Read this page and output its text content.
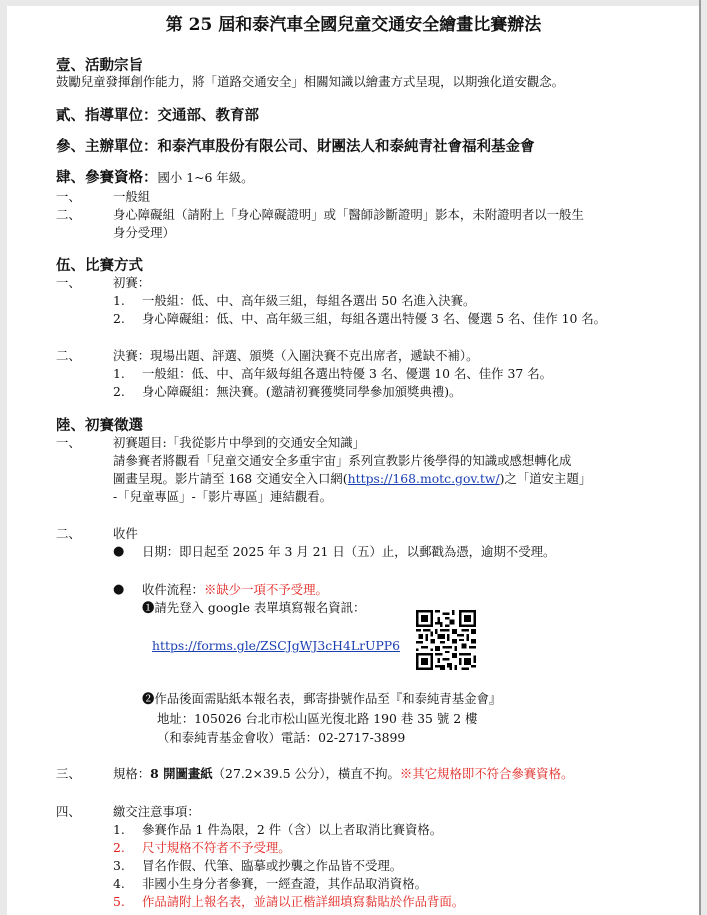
第 25 屆和泰汽車全國兒童交通安全繪畫比賽辦法
壹、活動宗旨
鼓勵兒童發揮創作能力，將「道路交通安全」相關知識以繪畫方式呈現，以期強化道安觀念。
貳、指導單位：交通部、教育部
參、主辦單位：和泰汽車股份有限公司、財團法人和泰純青社會福利基金會
肆、參賽資格：國小 1~6 年級。
一、	一般組
二、	身心障礙組（請附上「身心障礙證明」或「醫師診斷證明」影本，未附證明者以一般生
身分受理）
伍、比賽方式
一、	初賽：
1. 一般組：低、中、高年級三組，每組各選出 50 名進入決賽。
2. 身心障礙組：低、中、高年級三組，每組各選出特優 3 名、優選 5 名、佳作 10 名。
二、	決賽：現場出題、評選、頒獎（入圍決賽不克出席者，遞缺不補）。
1. 一般組：低、中、高年級每組各選出特優 3 名、優選 10 名、佳作 37 名。
2. 身心障礙組：無決賽。(邀請初賽獲獎同學參加頒獎典禮)。
陸、初賽徵選
一、	初賽題目:「我從影片中學到的交通安全知識」
請參賽者將觀看「兒童交通安全多重宇宙」系列宣教影片後學得的知識或感想轉化成
圖畫呈現。影片請至 168 交通安全入口網(https://168.motc.gov.tw/)之「道安主題」
-「兒童專區」-「影片專區」連結觀看。
二、	收件
● 日期：即日起至 2025 年 3 月 21 日（五）止，以郵戳為憑，逾期不受理。
● 收件流程：※缺少一項不予受理。
❶請先登入 google 表單填寫報名資訊：
https://forms.gle/ZSCJgWJ3cH4LrUPP6
❷作品後面需貼紙本報名表，郵寄掛號作品至『和泰純青基金會』
地址：105026 台北市松山區光復北路 190 巷 35 號 2 樓
（和泰純青基金會收）電話：02-2717-3899
三、	規格：8 開圖畫紙（27.2×39.5 公分），橫直不拘。※其它規格即不符合參賽資格。
四、	繳交注意事項：
1. 參賽作品 1 件為限，2 件（含）以上者取消比賽資格。
2. 尺寸規格不符者不予受理。
3. 冒名作假、代筆、臨摹或抄襲之作品皆不受理。
4. 非國小生身分者參賽，一經查證，其作品取消資格。
5. 作品請附上報名表，並請以正楷詳細填寫黏貼於作品背面。
